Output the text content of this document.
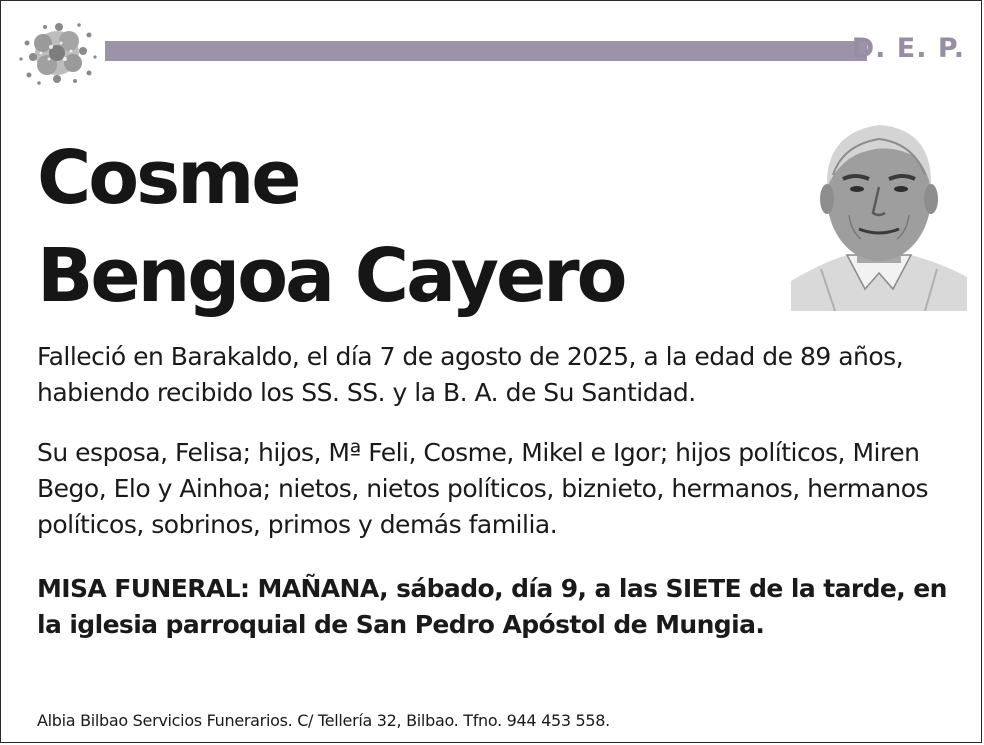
D. E. P.
Cosme
Bengoa Cayero
Falleció en Barakaldo, el día 7 de agosto de 2025, a la edad de 89 años, habiendo recibido los SS. SS. y la B. A. de Su Santidad.
Su esposa, Felisa; hijos, Mª Feli, Cosme, Mikel e Igor; hijos políticos, Miren Bego, Elo y Ainhoa; nietos, nietos políticos, biznieto, hermanos, hermanos políticos, sobrinos, primos y demás familia.
MISA FUNERAL: MAÑANA, sábado, día 9, a las SIETE de la tarde, en la iglesia parroquial de San Pedro Apóstol de Mungia.
Albia Bilbao Servicios Funerarios. C/ Tellería 32, Bilbao. Tfno. 944 453 558.
